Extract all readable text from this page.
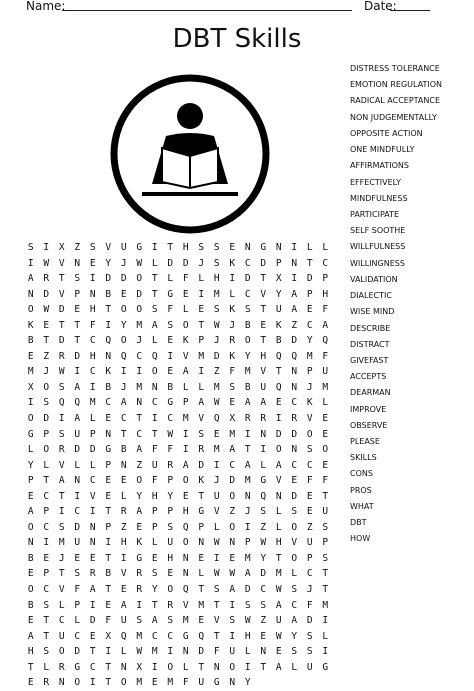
Name:	Date:
DBT Skills
S	I	X	Z	S	V	U	G	I	T	H	S	S	E	N	G	N	I	L	L
I	W	V	N	E	Y	J	W	L	D	D	J	S	K	C	D	P	N	T	C
A	R	T	S	I	D	D	O	T	L	F	L	H	I	D	T	X	I	D	P
N	D	V	P	N	B	E	D	T	G	E	I	M	L	C	V	Y	A	P	H
O	W	D	E	H	T	O	O	S	F	L	E	S	K	S	T	U	A	E	F
K	E	T	T	F	I	Y	M	A	S	O	T	W	J	B	E	K	Z	C	A
B	T	D	T	C	Q	O	J	L	E	K	P	J	R	O	T	B	D	Y	Q
E	Z	R	D	H	N	Q	C	Q	I	V	M	D	K	Y	H	Q	Q	M	F
M	J	W	I	C	K	I	I	O	E	A	I	Z	F	M	V	T	N	P	U
X	O	S	A	I	B	J	M	N	B	L	L	M	S	B	U	Q	N	J	M
I	S	Q	Q	M	C	A	N	C	G	P	A	W	E	A	A	E	C	K	L
O	D	I	A	L	E	C	T	I	C	M	V	Q	X	R	R	I	R	V	E
G	P	S	U	P	N	T	C	T	W	I	S	E	M	I	N	D	D	O	E
L	O	R	D	D	G	B	A	F	F	I	R	M	A	T	I	O	N	S	O
Y	L	V	L	L	P	N	Z	U	R	A	D	I	C	A	L	A	C	C	E
P	T	A	N	C	E	E	O	F	P	O	K	J	D	M	G	V	E	F	F
E	C	T	I	V	E	L	Y	H	Y	E	T	U	O	N	Q	N	D	E	T
A	P	I	C	I	T	R	A	P	P	H	G	V	Z	J	S	L	S	E	U
O	C	S	D	N	P	Z	E	P	S	Q	P	L	O	I	Z	L	O	Z	S
N	I	M	U	N	I	H	K	L	U	O	N	W	N	P	W	H	V	U	P
B	E	J	E	E	T	I	G	E	H	N	E	I	E	M	Y	T	O	P	S
E	P	T	S	R	B	V	R	S	E	N	L	W	W	A	D	M	L	C	T
O	C	V	F	A	T	E	R	Y	O	Q	T	S	A	D	C	W	S	J	T
B	S	L	P	I	E	A	I	T	R	V	M	T	I	S	S	A	C	F	M
E	T	C	L	D	F	U	S	A	S	M	E	V	S	W	Z	U	A	D	I
A	T	U	C	E	X	Q	M	C	C	G	Q	T	I	H	E	W	Y	S	L
H	S	O	D	T	I	L	W	M	I	N	D	F	U	L	N	E	S	S	I
T	L	R	G	C	T	N	X	I	O	L	T	N	O	I	T	A	L	U	G
E	R	N	O	I	T	O	M	E	M	F	U	G	N	Y
DISTRESS TOLERANCE
EMOTION REGULATION
RADICAL ACCEPTANCE
NON JUDGEMENTALLY
OPPOSITE ACTION
ONE MINDFULLY
AFFIRMATIONS
EFFECTIVELY
MINDFULNESS
PARTICIPATE
SELF SOOTHE
WILLFULNESS
WILLINGNESS
VALIDATION
DIALECTIC
WISE MIND
DESCRIBE
DISTRACT
GIVEFAST
ACCEPTS
DEARMAN
IMPROVE
OBSERVE
PLEASE
SKILLS
CONS
PROS
WHAT
DBT
HOW
